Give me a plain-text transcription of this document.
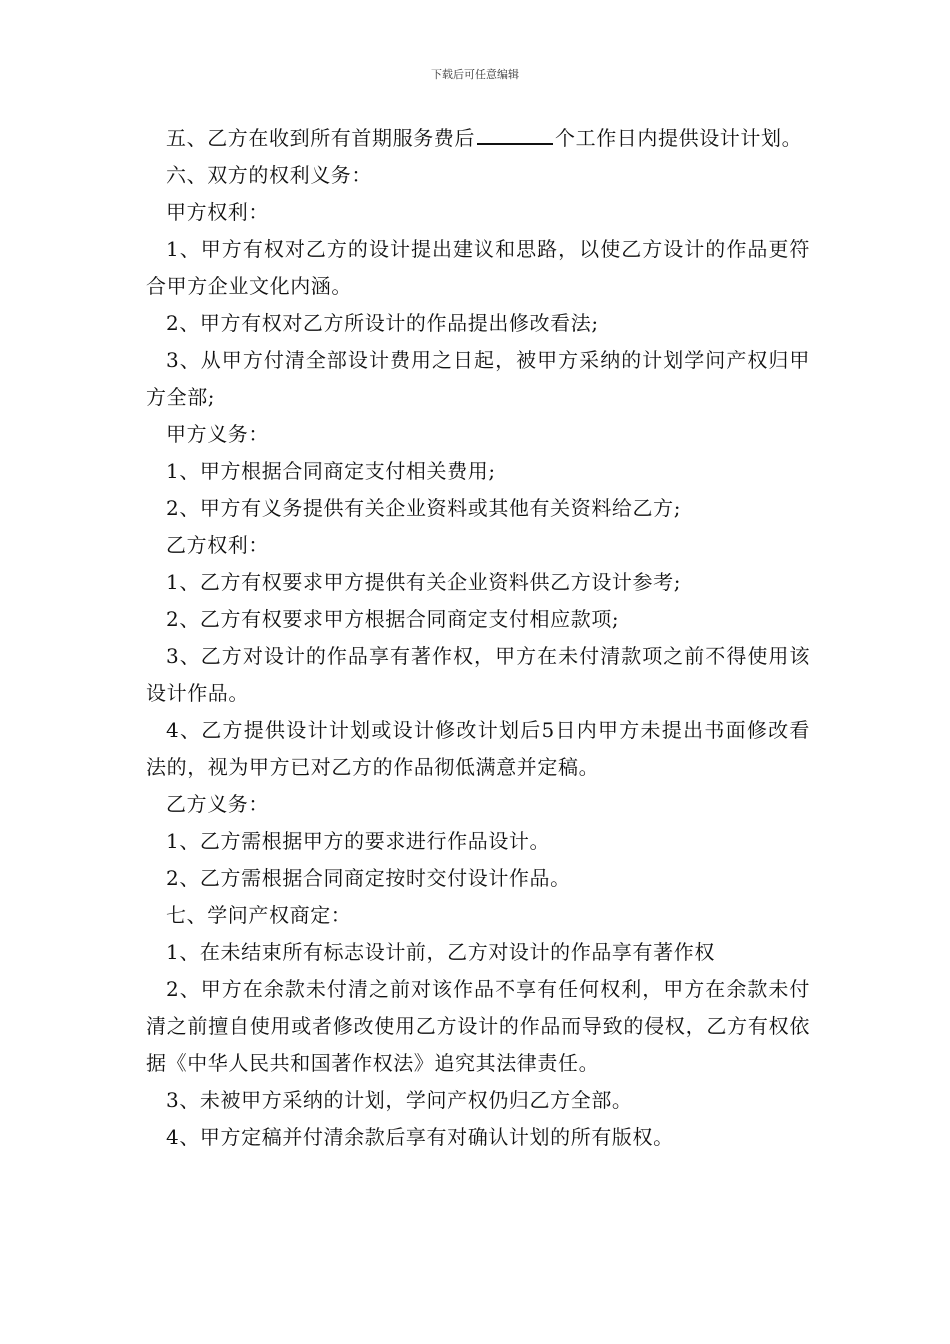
下载后可任意编辑

五、乙方在收到所有首期服务费后	个工作日内提供设计计划。

六、双方的权利义务：

甲方权利：

1、甲方有权对乙方的设计提出建议和思路，以使乙方设计的作品更符合甲方企业文化内涵。

2、甲方有权对乙方所设计的作品提出修改看法;

3、从甲方付清全部设计费用之日起，被甲方采纳的计划学问产权归甲方全部;

甲方义务：

1、甲方根据合同商定支付相关费用;

2、甲方有义务提供有关企业资料或其他有关资料给乙方;

乙方权利：

1、乙方有权要求甲方提供有关企业资料供乙方设计参考;

2、乙方有权要求甲方根据合同商定支付相应款项;

3、乙方对设计的作品享有著作权，甲方在未付清款项之前不得使用该设计作品。

4、乙方提供设计计划或设计修改计划后5日内甲方未提出书面修改看法的，视为甲方已对乙方的作品彻低满意并定稿。

乙方义务：

1、乙方需根据甲方的要求进行作品设计。

2、乙方需根据合同商定按时交付设计作品。

七、学问产权商定：

1、在未结束所有标志设计前，乙方对设计的作品享有著作权

2、甲方在余款未付清之前对该作品不享有任何权利，甲方在余款未付清之前擅自使用或者修改使用乙方设计的作品而导致的侵权，乙方有权依据《中华人民共和国著作权法》追究其法律责任。

3、未被甲方采纳的计划，学问产权仍归乙方全部。

4、甲方定稿并付清余款后享有对确认计划的所有版权。
